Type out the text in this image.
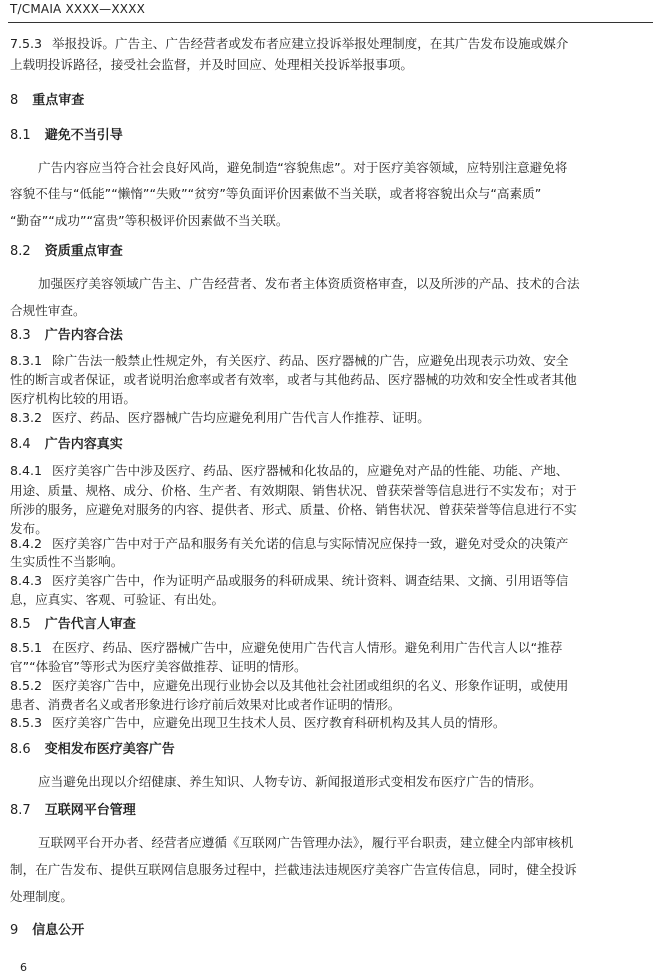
T/CMAIA XXXX—XXXX
7.5.3 举报投诉。广告主、广告经营者或发布者应建立投诉举报处理制度，在其广告发布设施或媒介
上载明投诉路径，接受社会监督，并及时回应、处理相关投诉举报事项。
8 重点审查
8.1 避免不当引导
广告内容应当符合社会良好风尚，避免制造“容貌焦虑”。对于医疗美容领域，应特别注意避免将
容貌不佳与“低能”“懒惰”“失败”“贫穷”等负面评价因素做不当关联，或者将容貌出众与“高素质”
“勤奋”“成功”“富贵”等积极评价因素做不当关联。
8.2 资质重点审查
加强医疗美容领域广告主、广告经营者、发布者主体资质资格审查，以及所涉的产品、技术的合法
合规性审查。
8.3 广告内容合法
8.3.1 除广告法一般禁止性规定外，有关医疗、药品、医疗器械的广告，应避免出现表示功效、安全
性的断言或者保证，或者说明治愈率或者有效率，或者与其他药品、医疗器械的功效和安全性或者其他
医疗机构比较的用语。
8.3.2 医疗、药品、医疗器械广告均应避免利用广告代言人作推荐、证明。
8.4 广告内容真实
8.4.1 医疗美容广告中涉及医疗、药品、医疗器械和化妆品的，应避免对产品的性能、功能、产地、
用途、质量、规格、成分、价格、生产者、有效期限、销售状况、曾获荣誉等信息进行不实发布；对于
所涉的服务，应避免对服务的内容、提供者、形式、质量、价格、销售状况、曾获荣誉等信息进行不实
发布。
8.4.2 医疗美容广告中对于产品和服务有关允诺的信息与实际情况应保持一致，避免对受众的决策产
生实质性不当影响。
8.4.3 医疗美容广告中，作为证明产品或服务的科研成果、统计资料、调查结果、文摘、引用语等信
息，应真实、客观、可验证、有出处。
8.5 广告代言人审查
8.5.1 在医疗、药品、医疗器械广告中，应避免使用广告代言人情形。避免利用广告代言人以“推荐
官”“体验官”等形式为医疗美容做推荐、证明的情形。
8.5.2 医疗美容广告中，应避免出现行业协会以及其他社会社团或组织的名义、形象作证明，或使用
患者、消费者名义或者形象进行诊疗前后效果对比或者作证明的情形。
8.5.3 医疗美容广告中，应避免出现卫生技术人员、医疗教育科研机构及其人员的情形。
8.6 变相发布医疗美容广告
应当避免出现以介绍健康、养生知识、人物专访、新闻报道形式变相发布医疗广告的情形。
8.7 互联网平台管理
互联网平台开办者、经营者应遵循《互联网广告管理办法》，履行平台职责，建立健全内部审核机
制，在广告发布、提供互联网信息服务过程中，拦截违法违规医疗美容广告宣传信息，同时，健全投诉
处理制度。
9 信息公开
6
